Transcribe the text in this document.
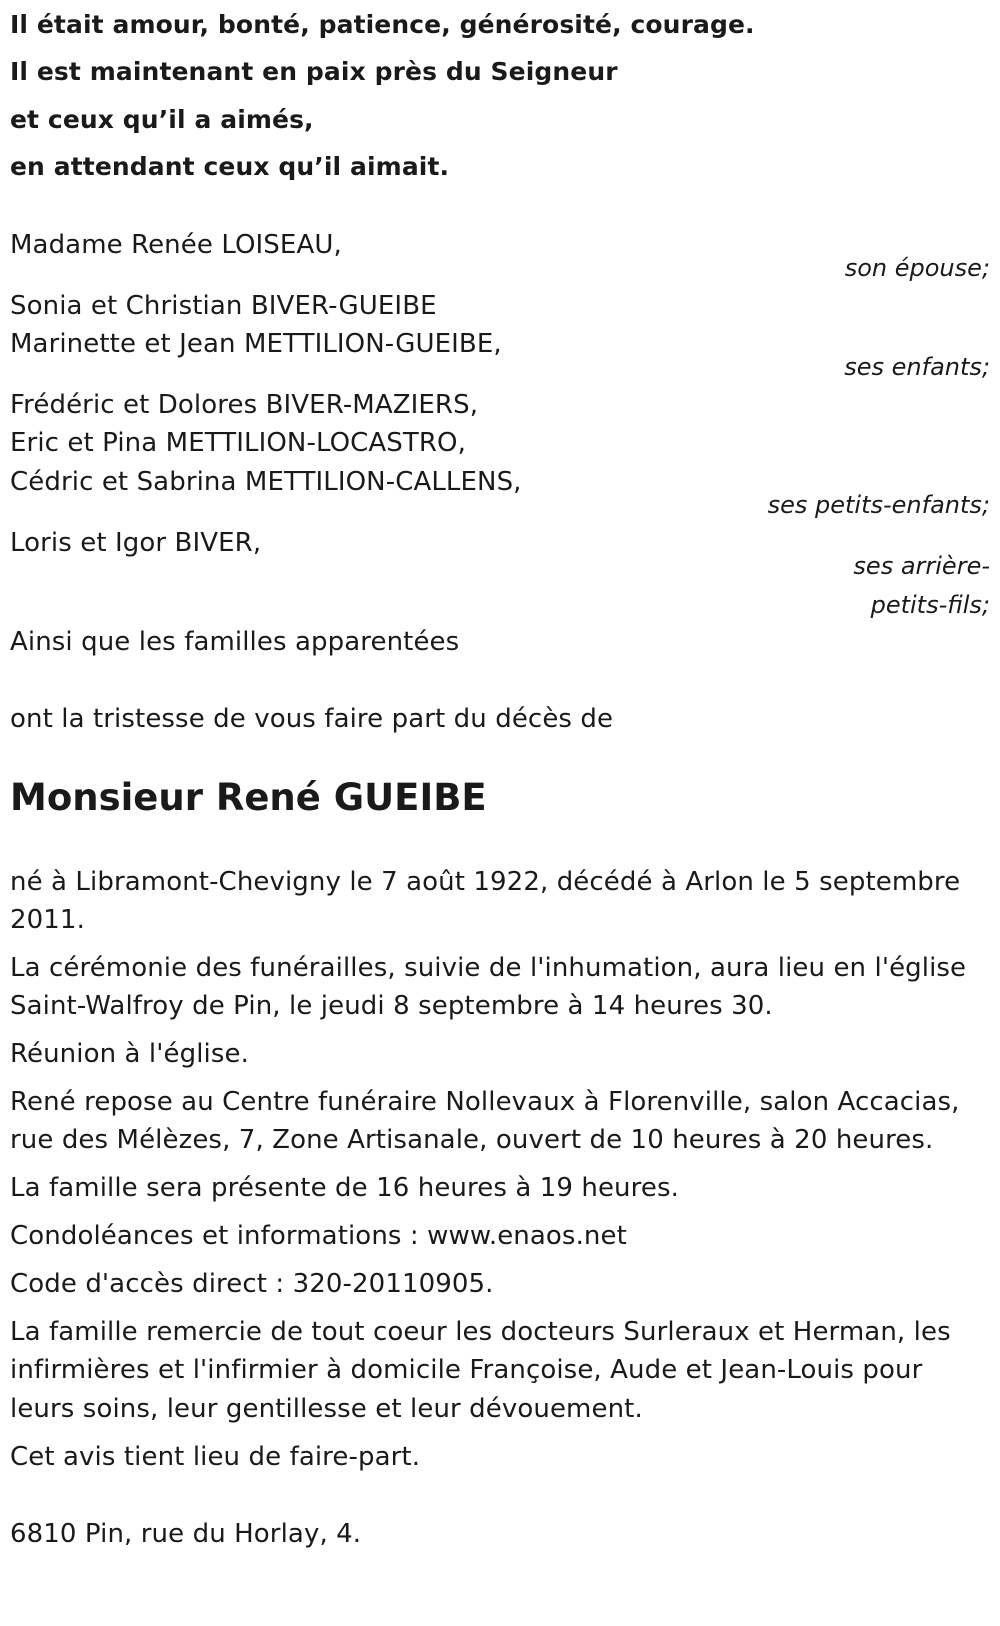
Il était amour, bonté, patience, générosité, courage.

Il est maintenant en paix près du Seigneur

et ceux qu’il a aimés,

en attendant ceux qu’il aimait.

Madame Renée LOISEAU,

son épouse;

Sonia et Christian BIVER-GUEIBE

Marinette et Jean METTILION-GUEIBE,

ses enfants;

Frédéric et Dolores BIVER-MAZIERS,

Eric et Pina METTILION-LOCASTRO,

Cédric et Sabrina METTILION-CALLENS,

ses petits-enfants;

Loris et Igor BIVER,

ses arrière-

petits-fils;

Ainsi que les familles apparentées

ont la tristesse de vous faire part du décès de

Monsieur René GUEIBE

né à Libramont-Chevigny le 7 août 1922, décédé à Arlon le 5 septembre

2011.

La cérémonie des funérailles, suivie de l'inhumation, aura lieu en l'église

Saint-Walfroy de Pin, le jeudi 8 septembre à 14 heures 30.

Réunion à l'église.

René repose au Centre funéraire Nollevaux à Florenville, salon Accacias,

rue des Mélèzes, 7, Zone Artisanale, ouvert de 10 heures à 20 heures.

La famille sera présente de 16 heures à 19 heures.

Condoléances et informations : www.enaos.net

Code d'accès direct : 320-20110905.

La famille remercie de tout coeur les docteurs Surleraux et Herman, les

infirmières et l'infirmier à domicile Françoise, Aude et Jean-Louis pour

leurs soins, leur gentillesse et leur dévouement.

Cet avis tient lieu de faire-part.

6810 Pin, rue du Horlay, 4.
